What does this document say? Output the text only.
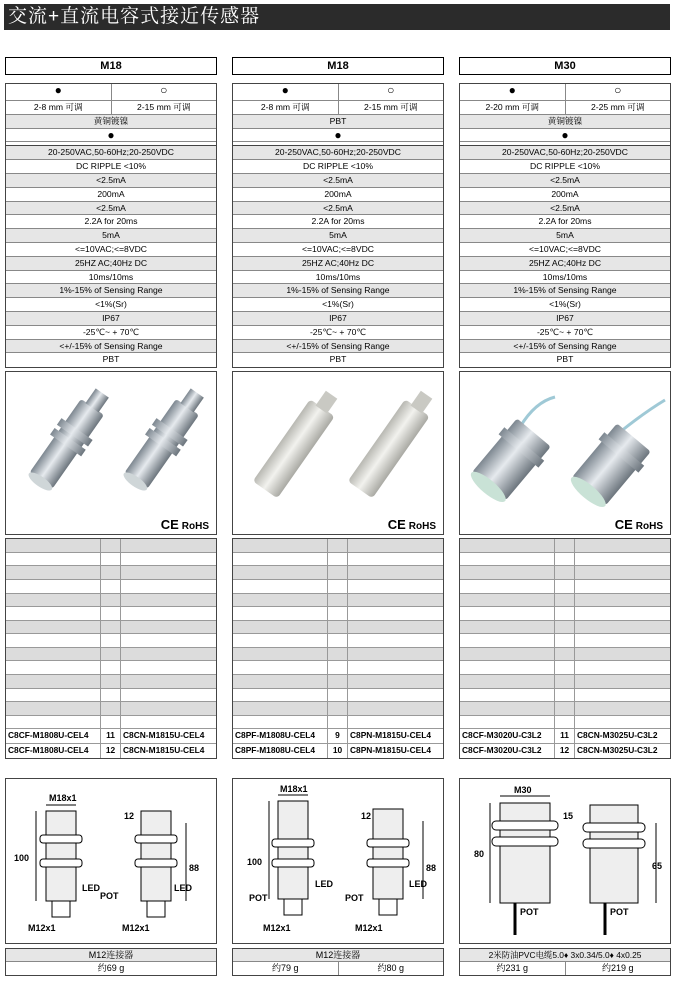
交流+直流电容式接近传感器
M18
●	○
2-8 mm 可调	2-15 mm 可调
黄铜镀镍
●
20-250VAC,50-60Hz;20-250VDC
DC RIPPLE <10%
<2.5mA
200mA
<2.5mA
2.2A for 20ms
5mA
<=10VAC;<=8VDC
25HZ AC;40Hz DC
10ms/10ms
1%-15% of Sensing Range
<1%(Sr)
IP67
-25℃~ + 70℃
<+/-15% of Sensing Range
PBT
CE RoHS
C8CF-M1808U-CEL4	11 C8CN-M1815U-CEL4
C8CF-M1808U-CEL4	12 C8CN-M1815U-CEL4
M18x1
100
LED
M12x1
88
12
LED
POT
M12x1
M12连接器
约69 g
M18
●	○
2-8 mm 可调	2-15 mm 可调
PBT
●
20-250VAC,50-60Hz;20-250VDC
DC RIPPLE <10%
<2.5mA
200mA
<2.5mA
2.2A for 20ms
5mA
<=10VAC;<=8VDC
25HZ AC;40Hz DC
10ms/10ms
1%-15% of Sensing Range
<1%(Sr)
IP67
-25℃~ + 70℃
<+/-15% of Sensing Range
PBT
CE RoHS
C8PF-M1808U-CEL4	9	C8PN-M1815U-CEL4
C8PF-M1808U-CEL4	10 C8PN-M1815U-CEL4
M18x1
100
LED
POT
M12x1
88
12
LED
POT
M12x1
M12连接器
约79 g	约80 g
M30
●	○
2-20 mm 可调	2-25 mm 可调
黄铜镀镍
●
20-250VAC,50-60Hz;20-250VDC
DC RIPPLE <10%
<2.5mA
200mA
<2.5mA
2.2A for 20ms
5mA
<=10VAC;<=8VDC
25HZ AC;40Hz DC
10ms/10ms
1%-15% of Sensing Range
<1%(Sr)
IP67
-25℃~ + 70℃
<+/-15% of Sensing Range
PBT
CE RoHS
C8CF-M3020U-C3L2	11 C8CN-M3025U-C3L2
C8CF-M3020U-C3L2	12 C8CN-M3025U-C3L2
M30
80
65
15
POT	POT
2米防油PVC电缆5.0♦ 3x0.34/5.0♦ 4x0.25
约231 g	约219 g
